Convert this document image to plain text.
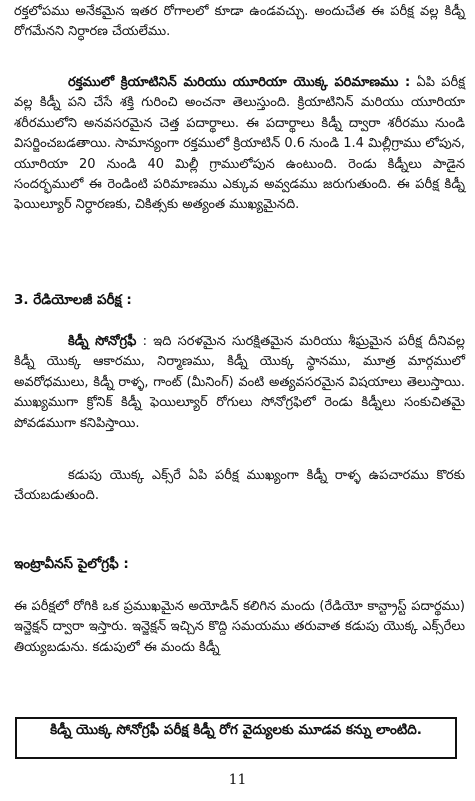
రక్తలోపము అనేకమైన ఇతర రోగాలలో కూడా ఉండవచ్చు. అందుచేత ఈ పరీక్ష వల్ల కిడ్నీ రోగమేనని నిర్ధారణ చేయలేము.

రక్తములో క్రియాటినిన్ మరియు యూరియా యొక్క పరిమాణము : ఏపి పరీక్ష వల్ల కిడ్నీ పని చేసే శక్తి గురించి అంచనా తెలుస్తుంది. క్రియాటినిన్ మరియు యూరియా శరీరములోని అనవసరమైన చెత్త పదార్థాలు. ఈ పదార్థాలు కిడ్నీ ద్వారా శరీరము నుండి విసర్జించబడతాయి. సామాన్యంగా రక్తములో క్రియాటిన్ 0.6 నుండి 1.4 మిల్లీగ్రాము లోపున, యూరియా 20 నుండి 40 మిల్లీ గ్రాములోపున ఉంటుంది. రెండు కిడ్నీలు పాడైన సందర్భములో ఈ రెండింటి పరిమాణము ఎక్కువ అవ్వడము జరుగుతుంది. ఈ పరీక్ష కిడ్నీ ఫెయిల్యూర్ నిర్ధారణకు, చికిత్సకు అత్యంత ముఖ్యమైనది.

3. రేడియోలజీ పరీక్ష :

కిడ్నీ సోనోగ్రఫీ : ఇది సరళమైన సురక్షితమైన మరియు శీఘ్రమైన పరీక్ష దీనివల్ల కిడ్నీ యొక్క ఆకారము, నిర్మాణము, కిడ్నీ యొక్క స్థానము, మూత్ర మార్గములో అవరోధములు, కిడ్నీ రాళ్ళ, గాంట్ (మీనింగ్) వంటి అత్యవసరమైన విషయాలు తెలుస్తాయి. ముఖ్యముగా క్రోనిక్ కిడ్నీ ఫెయిల్యూర్ రోగులు సోనోగ్రఫిలో రెండు కిడ్నీలు సంకుచితమై పోవడముగా కనిపిస్తాయి.

కడుపు యొక్క ఎక్స్‌రే ఏపి పరీక్ష ముఖ్యంగా కిడ్నీ రాళ్ళ ఉపచారము కొరకు చేయబడుతుంది.

ఇంట్రావీనస్ పైలోగ్రఫీ :

ఈ పరీక్షలో రోగికి ఒక ప్రముఖమైన అయోడిన్ కలిగిన మందు (రేడియో కాన్ట్రాస్ట్ పదార్థము) ఇన్జెక్షన్ ద్వారా ఇస్తారు. ఇన్జెక్షన్ ఇచ్చిన కొద్ది సమయము తరువాత కడుపు యొక్క ఎక్స్‌రేలు తియ్యబడును. కడుపులో ఈ మందు కిడ్నీ

కిడ్నీ యొక్క సోనోగ్రఫీ పరీక్ష కిడ్నీ రోగ వైద్యులకు మూడవ కన్ను లాంటిది.
11
